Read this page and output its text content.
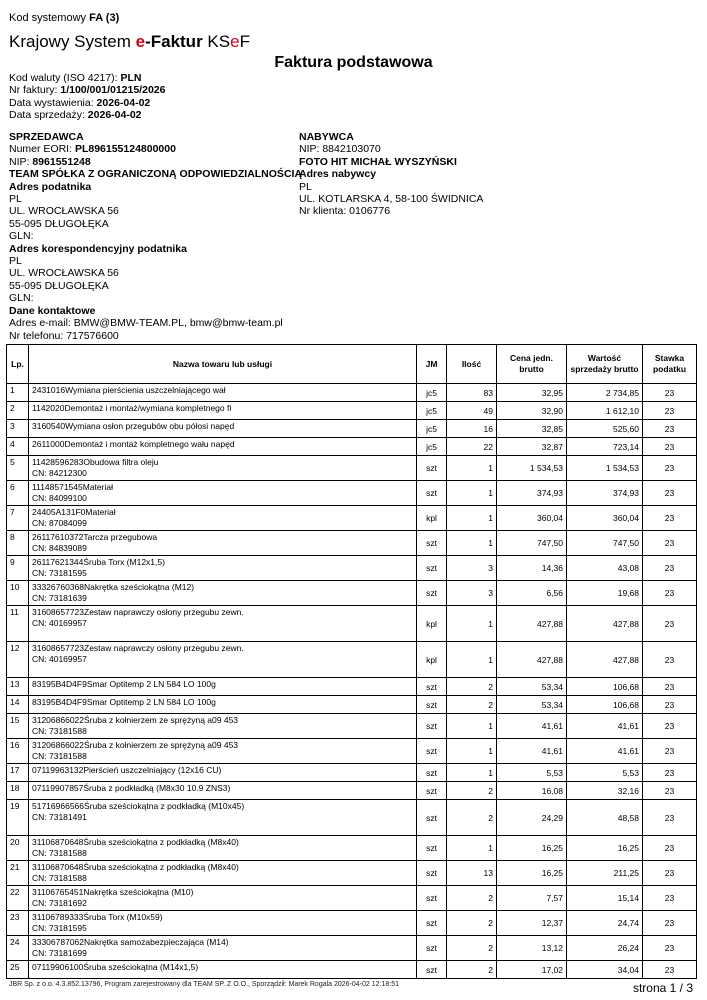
Kod systemowy FA (3)
Krajowy System e-Faktur KSeF
Faktura podstawowa
Kod waluty (ISO 4217): PLN
Nr faktury: 1/100/001/01215/2026
Data wystawienia: 2026-04-02
Data sprzedaży: 2026-04-02
SPRZEDAWCA
Numer EORI: PL896155124800000
NIP: 8961551248
TEAM SPÓŁKA Z OGRANICZONĄ ODPOWIEDZIALNOŚCIĄ
Adres podatnika
PL
UL. WROCŁAWSKA 56
55-095 DŁUGOŁĘKA
GLN:
Adres korespondencyjny podatnika
PL
UL. WROCŁAWSKA 56
55-095 DŁUGOŁĘKA
GLN:
Dane kontaktowe
Adres e-mail: BMW@BMW-TEAM.PL, bmw@bmw-team.pl
Nr telefonu: 717576600
NABYWCA
NIP: 8842103070
FOTO HIT MICHAŁ WYSZYŃSKI
Adres nabywcy
PL
UL. KOTLARSKA 4, 58-100 ŚWIDNICA
Nr klienta: 0106776
Lp.	Nazwa towaru lub usługi	JM	Ilość	Cena jedn. brutto	Wartość sprzedaży brutto	Stawka podatku
1	2431016Wymiana pierścienia uszczelniającego wał	jc5	83	32,95	2 734,85	23
2	1142020Demontaż i montaż/wymiana kompletnego fi	jc5	49	32,90	1 612,10	23
3	3160540Wymiana osłon przegubów obu półosi napęd	jc5	16	32,85	525,60	23
4	2611000Demontaż i montaż kompletnego wału napęd	jc5	22	32,87	723,14	23
5	11428596283Obudowa filtra oleju
CN: 84212300	szt	1	1 534,53	1 534,53	23
6	11148571545Materiał
CN: 84099100	szt	1	374,93	374,93	23
7	24405A131F0Materiał
CN: 87084099	kpl	1	360,04	360,04	23
8	26117610372Tarcza przegubowa
CN: 84839089	szt	1	747,50	747,50	23
9	26117621344Śruba Torx (M12x1,5)
CN: 73181595	szt	3	14,36	43,08	23
10	33326760368Nakrętka sześciokątna (M12)
CN: 73181639	szt	3	6,56	19,68	23
11	31608657723Zestaw naprawczy osłony przegubu zewn.
CN: 40169957	kpl	1	427,88	427,88	23
12	31608657723Zestaw naprawczy osłony przegubu zewn.
CN: 40169957	kpl	1	427,88	427,88	23
13	83195B4D4F9Smar Optitemp 2 LN 584 LO 100g	szt	2	53,34	106,68	23
14	83195B4D4F9Smar Optitemp 2 LN 584 LO 100g	szt	2	53,34	106,68	23
15	31206866022Śruba z kołnierzem ze sprężyną a09 453
CN: 73181588	szt	1	41,61	41,61	23
16	31206866022Śruba z kołnierzem ze sprężyną a09 453
CN: 73181588	szt	1	41,61	41,61	23
17	07119963132Pierścień uszczelniający (12x16 CU)	szt	1	5,53	5,53	23
18	07119907857Śruba z podkładką (M8x30 10.9 ZNS3)	szt	2	16,08	32,16	23
19	51716966566Śruba sześciokątna z podkładką (M10x45)
CN: 73181491	szt	2	24,29	48,58	23
20	31106870648Śruba sześciokątna z podkładką (M8x40)
CN: 73181588	szt	1	16,25	16,25	23
21	31106870648Śruba sześciokątna z podkładką (M8x40)
CN: 73181588	szt	13	16,25	211,25	23
22	31106765451Nakrętka sześciokątna (M10)
CN: 73181692	szt	2	7,57	15,14	23
23	31106789333Śruba Torx (M10x59)
CN: 73181595	szt	2	12,37	24,74	23
24	33306787062Nakrętka samozabezpieczająca (M14)
CN: 73181699	szt	2	13,12	26,24	23
25	07119906100Śruba sześciokątna (M14x1,5)	szt	2	17,02	34,04	23
JBR Sp. z o.o. 4.3.852.13796, Program zarejestrowany dla TEAM SP. Z O.O., Sporządził: Marek Rogala 2026-04-02 12:18:51	strona 1 / 3
